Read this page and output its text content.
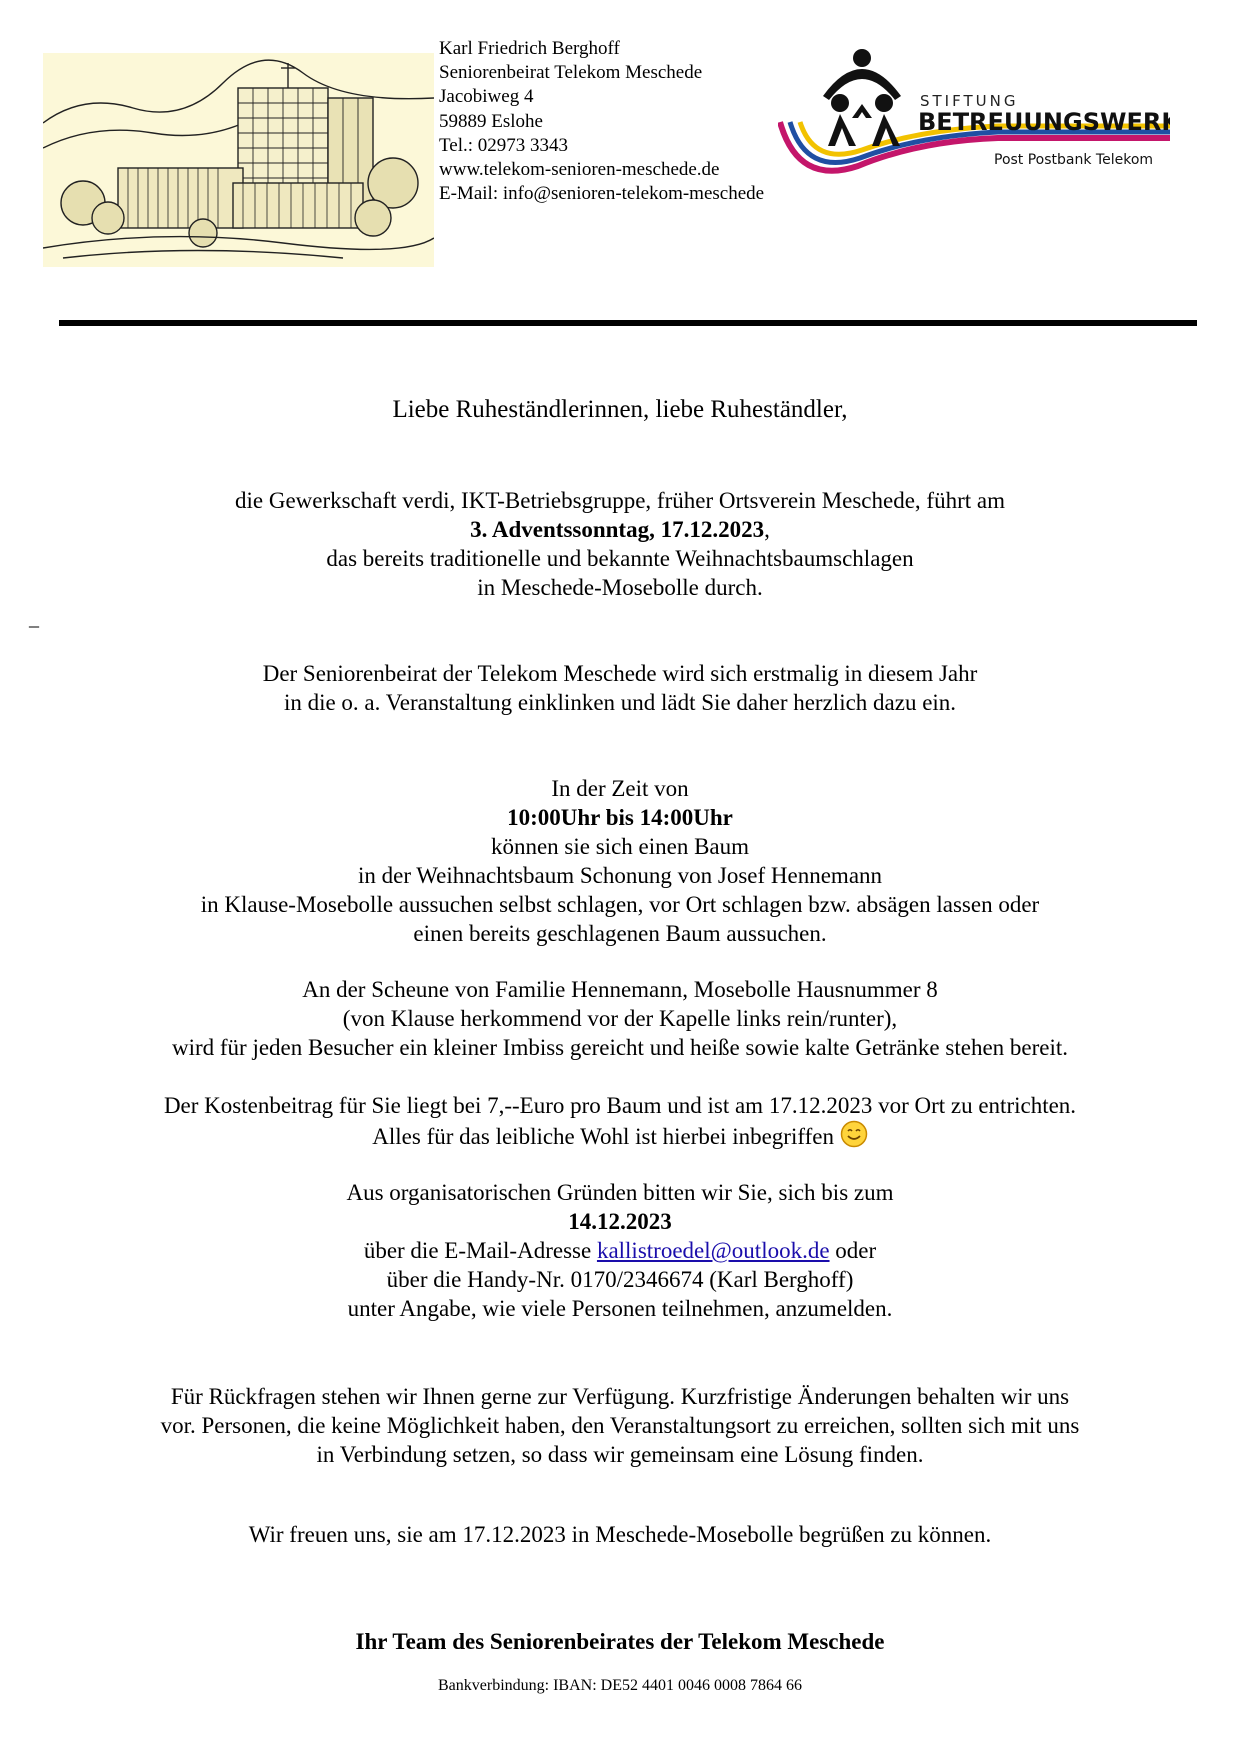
Karl Friedrich Berghoff
Seniorenbeirat Telekom Meschede
Jacobiweg 4
59889 Eslohe
Tel.: 02973 3343
www.telekom-senioren-meschede.de
E-Mail: info@senioren-telekom-meschede
STIFTUNG
BETREUUNGSWERK
Post Postbank Telekom
_

Liebe Ruheständlerinnen, liebe Ruheständler,

die Gewerkschaft verdi, IKT-Betriebsgruppe, früher Ortsverein Meschede, führt am

3. Adventssonntag, 17.12.2023,

das bereits traditionelle und bekannte Weihnachtsbaumschlagen

in Meschede-Mosebolle durch.

Der Seniorenbeirat der Telekom Meschede wird sich erstmalig in diesem Jahr

in die o. a. Veranstaltung einklinken und lädt Sie daher herzlich dazu ein.

In der Zeit von

10:00Uhr bis 14:00Uhr

können sie sich einen Baum

in der Weihnachtsbaum Schonung von Josef Hennemann

in Klause-Mosebolle aussuchen selbst schlagen, vor Ort schlagen bzw. absägen lassen oder

einen bereits geschlagenen Baum aussuchen.

An der Scheune von Familie Hennemann, Mosebolle Hausnummer 8

(von Klause herkommend vor der Kapelle links rein/runter),

wird für jeden Besucher ein kleiner Imbiss gereicht und heiße sowie kalte Getränke stehen bereit.

Der Kostenbeitrag für Sie liegt bei 7,--Euro pro Baum und ist am 17.12.2023 vor Ort zu entrichten.

Alles für das leibliche Wohl ist hierbei inbegriffen

Aus organisatorischen Gründen bitten wir Sie, sich bis zum

14.12.2023

über die E-Mail-Adresse kallistroedel@outlook.de oder

über die Handy-Nr. 0170/2346674 (Karl Berghoff)

unter Angabe, wie viele Personen teilnehmen, anzumelden.

Für Rückfragen stehen wir Ihnen gerne zur Verfügung. Kurzfristige Änderungen behalten wir uns

vor. Personen, die keine Möglichkeit haben, den Veranstaltungsort zu erreichen, sollten sich mit uns

in Verbindung setzen, so dass wir gemeinsam eine Lösung finden.

Wir freuen uns, sie am 17.12.2023 in Meschede-Mosebolle begrüßen zu können.

Ihr Team des Seniorenbeirates der Telekom Meschede

Bankverbindung: IBAN: DE52 4401 0046 0008 7864 66
